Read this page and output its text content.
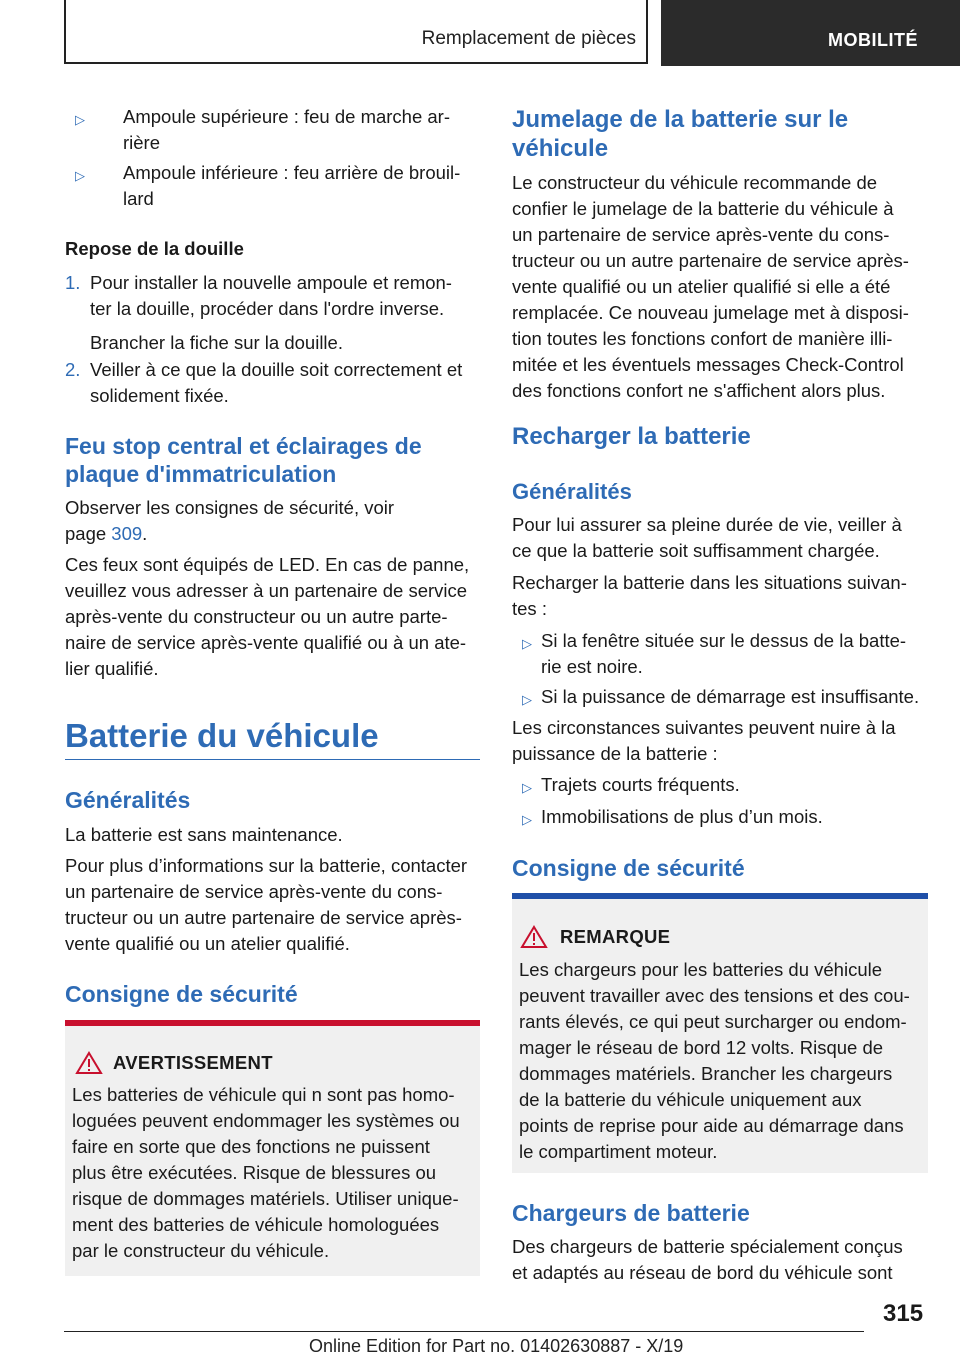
Remplacement de pièces	MOBILITÉ
▷ Ampoule supérieure : feu de marche ar-
rière
▷ Ampoule inférieure : feu arrière de brouil-
lard
Repose de la douille
1. Pour installer la nouvelle ampoule et remon-
ter la douille, procéder dans l'ordre inverse.
Brancher la fiche sur la douille.
2. Veiller à ce que la douille soit correctement et
solidement fixée.
Feu stop central et éclairages de
plaque d'immatriculation
Observer les consignes de sécurité, voir
page 309.
Ces feux sont équipés de LED. En cas de panne,
veuillez vous adresser à un partenaire de service
après-vente du constructeur ou un autre parte-
naire de service après-vente qualifié ou à un ate-
lier qualifié.
Batterie du véhicule
Généralités
La batterie est sans maintenance.
Pour plus d’informations sur la batterie, contacter
un partenaire de service après-vente du cons-
tructeur ou un autre partenaire de service après-
vente qualifié ou un atelier qualifié.
Consigne de sécurité
AVERTISSEMENT
Les batteries de véhicule qui n sont pas homo-
loguées peuvent endommager les systèmes ou
faire en sorte que des fonctions ne puissent
plus être exécutées. Risque de blessures ou
risque de dommages matériels. Utiliser unique-
ment des batteries de véhicule homologuées
par le constructeur du véhicule.
Jumelage de la batterie sur le
véhicule
Le constructeur du véhicule recommande de
confier le jumelage de la batterie du véhicule à
un partenaire de service après-vente du cons-
tructeur ou un autre partenaire de service après-
vente qualifié ou un atelier qualifié si elle a été
remplacée. Ce nouveau jumelage met à disposi-
tion toutes les fonctions confort de manière illi-
mitée et les éventuels messages Check-Control
des fonctions confort ne s'affichent alors plus.
Recharger la batterie
Généralités
Pour lui assurer sa pleine durée de vie, veiller à
ce que la batterie soit suffisamment chargée.
Recharger la batterie dans les situations suivan-
tes :
▷ Si la fenêtre située sur le dessus de la batte-
rie est noire.
▷ Si la puissance de démarrage est insuffisante.
Les circonstances suivantes peuvent nuire à la
puissance de la batterie :
▷ Trajets courts fréquents.
▷ Immobilisations de plus d’un mois.
Consigne de sécurité
REMARQUE
Les chargeurs pour les batteries du véhicule
peuvent travailler avec des tensions et des cou-
rants élevés, ce qui peut surcharger ou endom-
mager le réseau de bord 12 volts. Risque de
dommages matériels. Brancher les chargeurs
de la batterie du véhicule uniquement aux
points de reprise pour aide au démarrage dans
le compartiment moteur.
Chargeurs de batterie
Des chargeurs de batterie spécialement conçus
et adaptés au réseau de bord du véhicule sont
315
Online Edition for Part no. 01402630887 - X/19
